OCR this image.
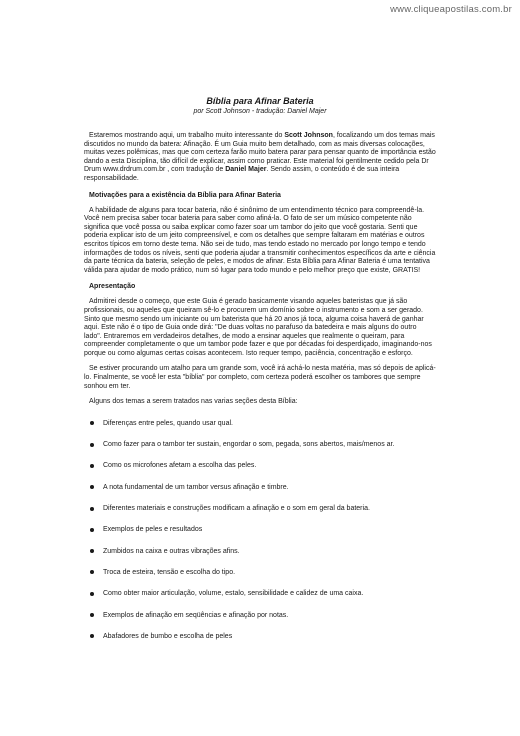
www.cliqueapostilas.com.br
Bíblia para Afinar Bateria

por Scott Johnson - tradução: Daniel Majer

Estaremos mostrando aqui, um trabalho muito interessante do Scott Johnson, focalizando um dos temas mais discutidos no mundo da batera: Afinação. É um Guia muito bem detalhado, com as mais diversas colocações, muitas vezes polêmicas, mas que com certeza farão muito batera parar para pensar quanto de importância estão dando a esta Disciplina, tão difícil de explicar, assim como praticar. Este material foi gentilmente cedido pela Dr Drum www.drdrum.com.br , com tradução de Daniel Majer. Sendo assim, o conteúdo é de sua inteira responsabilidade.

Motivações para a existência da Bíblia para Afinar Bateria

A habilidade de alguns para tocar bateria, não é sinônimo de um entendimento técnico para compreendê-la. Você nem precisa saber tocar bateria para saber como afiná-la. O fato de ser um músico competente não significa que você possa ou saiba explicar como fazer soar um tambor do jeito que você gostaria. Senti que poderia explicar isto de um jeito compreensível, e com os detalhes que sempre faltaram em matérias e outros escritos típicos em torno deste tema. Não sei de tudo, mas tendo estado no mercado por longo tempo e tendo informações de todos os níveis, senti que poderia ajudar a transmitir conhecimentos específicos da arte e ciência da parte técnica da bateria, seleção de peles, e modos de afinar. Esta Bíblia para Afinar Bateria é uma tentativa válida para ajudar de modo prático, num só lugar para todo mundo e pelo melhor preço que existe, GRATIS!

Apresentação

Admitirei desde o começo, que este Guia é gerado basicamente visando aqueles bateristas que já são profissionais, ou aqueles que queiram sê-lo e procurem um domínio sobre o instrumento e som a ser gerado. Sinto que mesmo sendo um iniciante ou um baterista que há 20 anos já toca, alguma coisa haverá de ganhar aqui. Este não é o tipo de Guia onde dirá: "De duas voltas no parafuso da batedeira e mais alguns do outro lado". Entraremos em verdadeiros detalhes, de modo a ensinar aqueles que realmente o queiram, para compreender completamente o que um tambor pode fazer e que por décadas foi desperdiçado, imaginando-nos porque ou como algumas certas coisas acontecem. Isto requer tempo, paciência, concentração e esforço.

Se estiver procurando um atalho para um grande som, você irá achá-lo nesta matéria, mas só depois de aplicá-lo. Finalmente, se você ler esta "bíblia" por completo, com certeza poderá escolher os tambores que sempre sonhou em ter.

Alguns dos temas a serem tratados nas varias seções desta Bíblia:

Diferenças entre peles, quando usar qual.
Como fazer para o tambor ter sustain, engordar o som, pegada, sons abertos, mais/menos ar.
Como os microfones afetam a escolha das peles.
A nota fundamental de um tambor versus afinação e timbre.
Diferentes materiais e construções modificam a afinação e o som em geral da bateria.
Exemplos de peles e resultados
Zumbidos na caixa e outras vibrações afins.
Troca de esteira, tensão e escolha do tipo.
Como obter maior articulação, volume, estalo, sensibilidade e calidez de uma caixa.
Exemplos de afinação em seqüências e afinação por notas.
Abafadores de bumbo e escolha de peles
